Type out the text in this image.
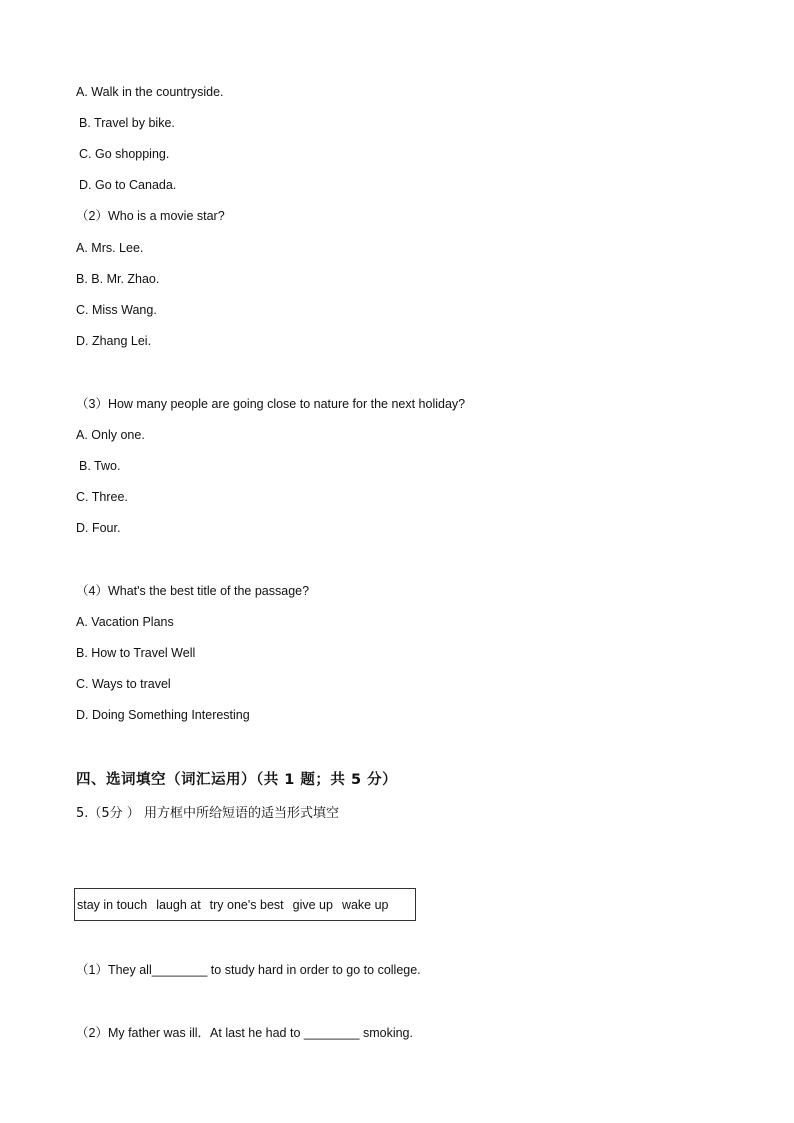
A. Walk in the countryside.
B. Travel by bike.
C. Go shopping.
D. Go to Canada.
（2）Who is a movie star?
A. Mrs. Lee.
B. B. Mr. Zhao.
C. Miss Wang.
D. Zhang Lei.
（3）How many people are going close to nature for the next holiday?
A. Only one.
B. Two.
C. Three.
D. Four.
（4）What's the best title of the passage?
A. Vacation Plans
B. How to Travel Well
C. Ways to travel
D. Doing Something Interesting
四、选词填空（词汇运用）（共 1 题；共 5 分）
5.（5分 ） 用方框中所给短语的适当形式填空
stay in touch laugh at try one's best give up wake up
（1）They all________ to study hard in order to go to college.
（2）My father was ill．At last he had to ________ smoking.
